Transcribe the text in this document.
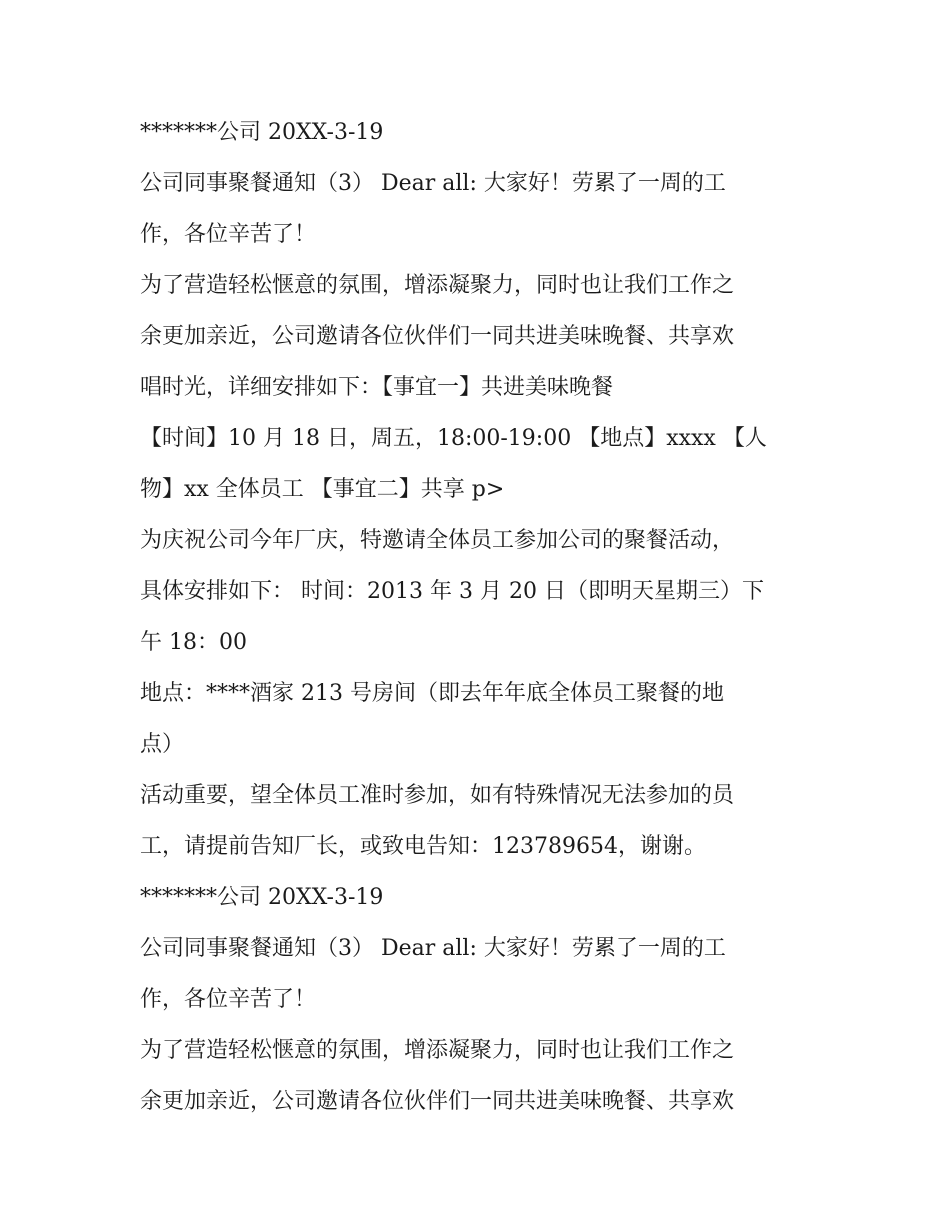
*******公司 20XX-3-19
公司同事聚餐通知（3） Dear all: 大家好！劳累了一周的工
作，各位辛苦了！
为了营造轻松惬意的氛围，增添凝聚力，同时也让我们工作之
余更加亲近，公司邀请各位伙伴们一同共进美味晚餐、共享欢
唱时光，详细安排如下：【事宜一】共进美味晚餐
【时间】10 月 18 日，周五，18:00-19:00 【地点】xxxx 【人
物】xx 全体员工 【事宜二】共享 p>
为庆祝公司今年厂庆，特邀请全体员工参加公司的聚餐活动，
具体安排如下： 时间：2013 年 3 月 20 日（即明天星期三）下
午 18：00
地点：****酒家 213 号房间（即去年年底全体员工聚餐的地
点）
活动重要，望全体员工准时参加，如有特殊情况无法参加的员
工，请提前告知厂长，或致电告知：123789654，谢谢。
*******公司 20XX-3-19
公司同事聚餐通知（3） Dear all: 大家好！劳累了一周的工
作，各位辛苦了！
为了营造轻松惬意的氛围，增添凝聚力，同时也让我们工作之
余更加亲近，公司邀请各位伙伴们一同共进美味晚餐、共享欢
